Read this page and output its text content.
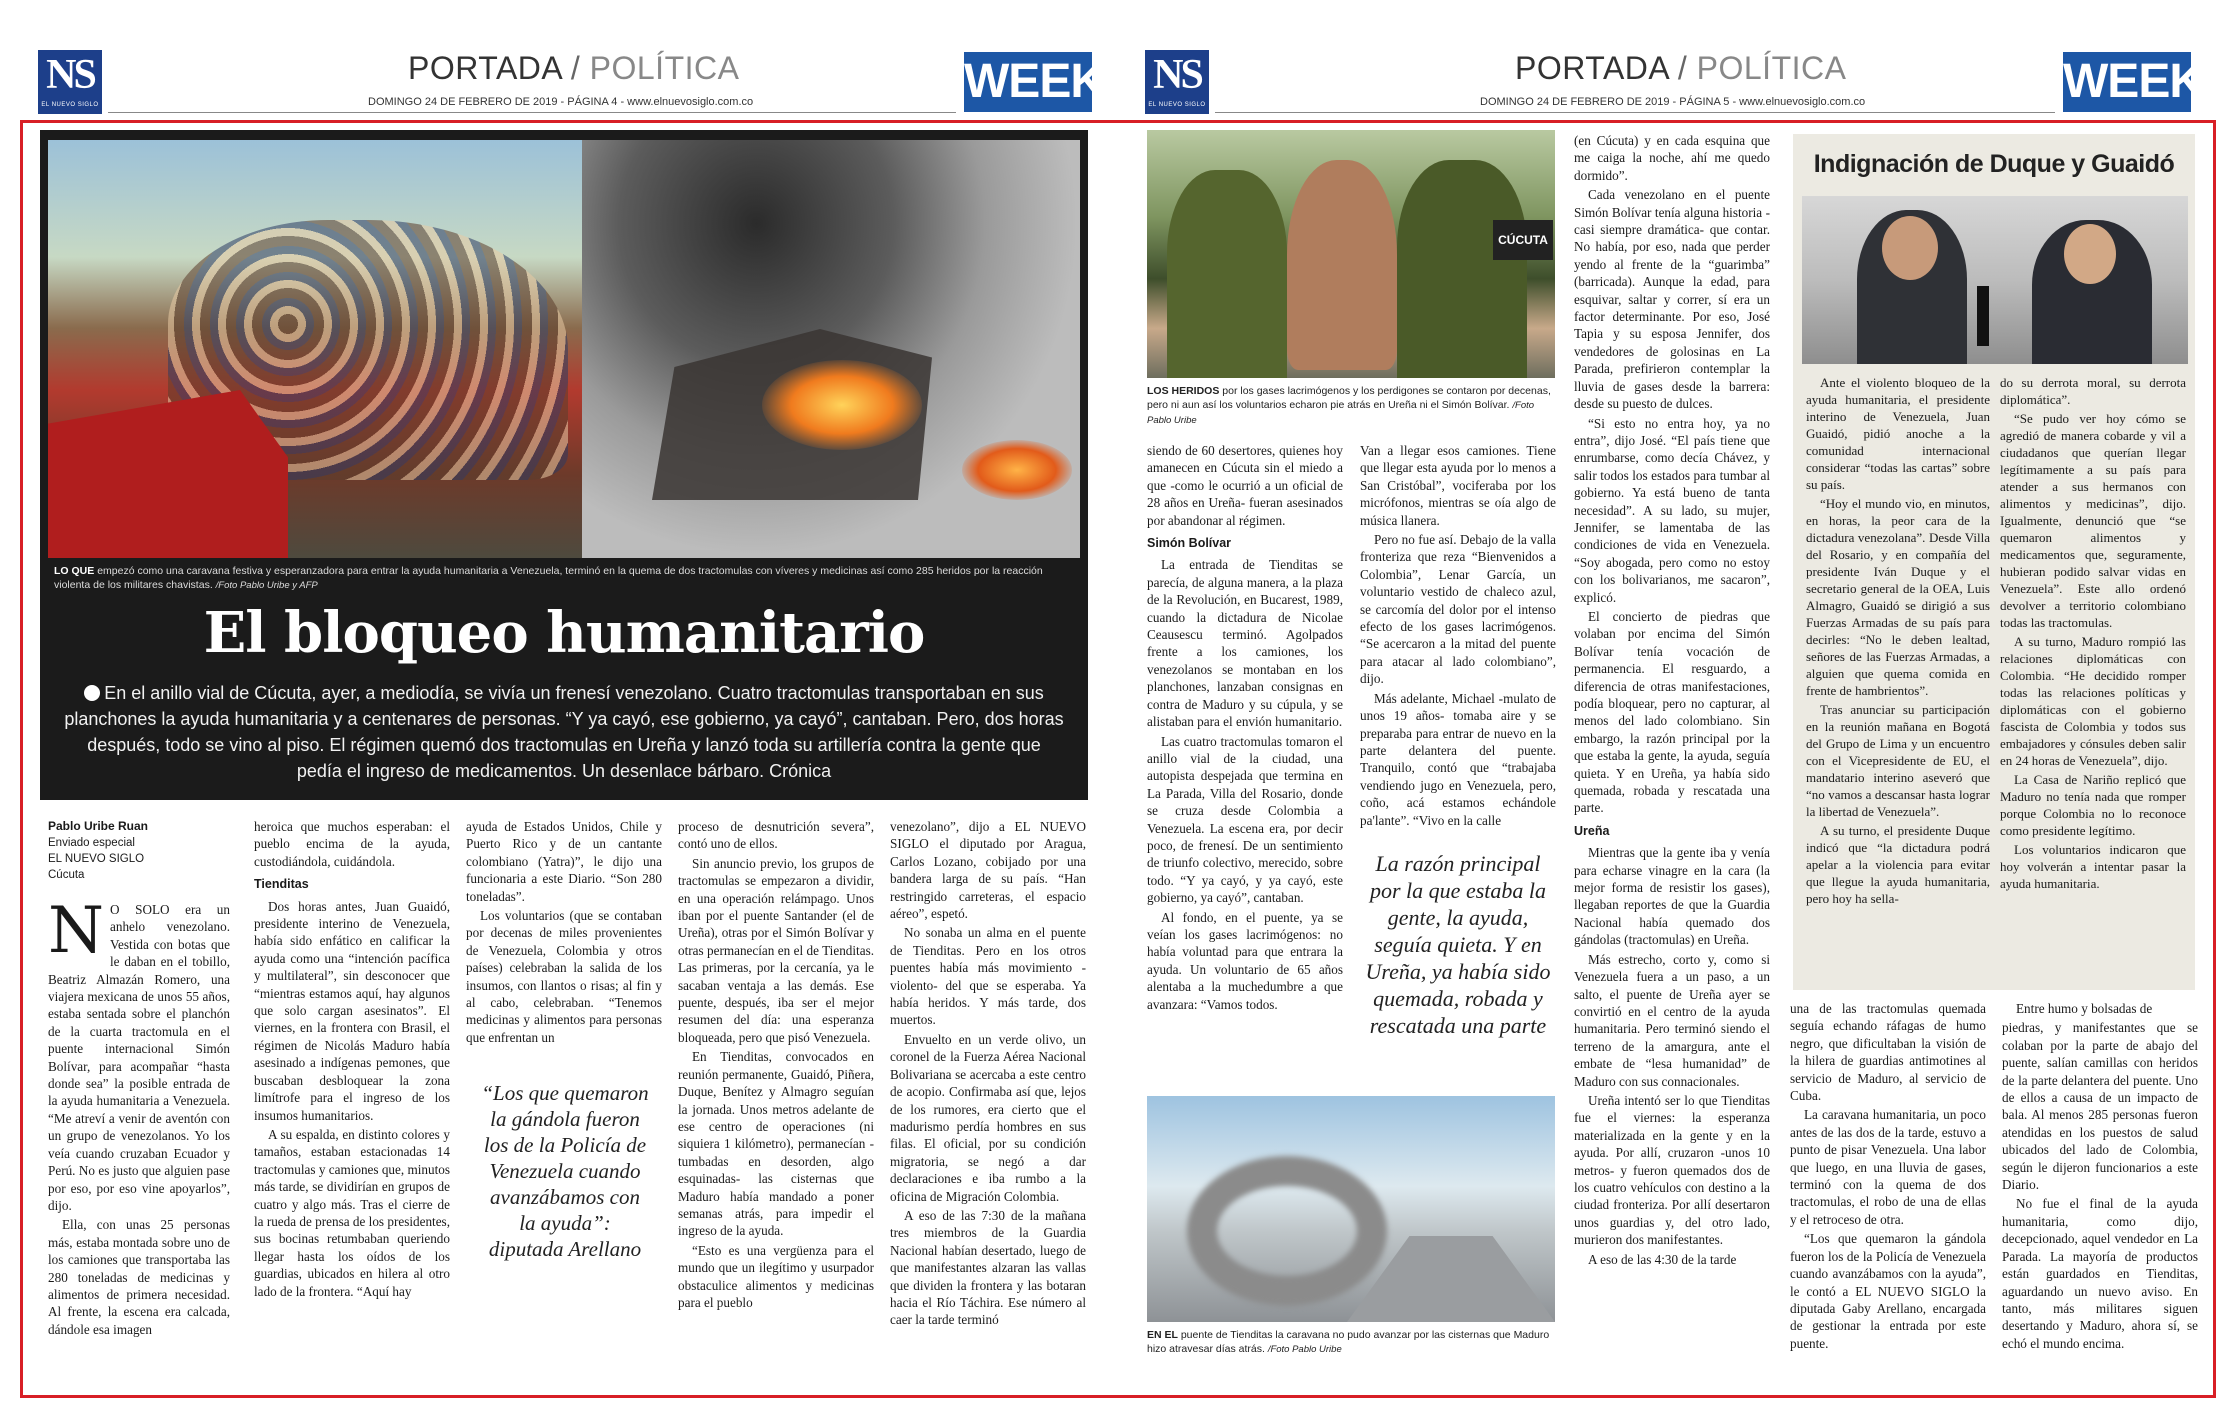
NS
EL NUEVO SIGLO
PORTADA / POLÍTICA
DOMINGO 24 DE FEBRERO DE 2019 - PÁGINA 4 - www.elnuevosiglo.com.co	WEEK NS
EL NUEVO SIGLO
PORTADA / POLÍTICA
DOMINGO 24 DE FEBRERO DE 2019 - PÁGINA 5 - www.elnuevosiglo.com.co	WEEK
LO QUE empezó como una caravana festiva y esperanzadora para entrar la ayuda humanitaria a Venezuela, terminó en la quema de dos tractomulas con víveres y medicinas así como 285 heridos por la reacción violenta de los militares chavistas. /Foto Pablo Uribe y AFP
El bloqueo humanitario
En el anillo vial de Cúcuta, ayer, a mediodía, se vivía un frenesí venezolano. Cuatro tractomulas transportaban en sus planchones la ayuda humanitaria y a centenares de personas. “Y ya cayó, ese gobierno, ya cayó”, cantaban. Pero, dos horas después, todo se vino al piso. El régimen quemó dos tractomulas en Ureña y lanzó toda su artillería contra la gente que pedía el ingreso de medicamentos. Un desenlace bárbaro. Crónica
Pablo Uribe Ruan
Enviado especial
EL NUEVO SIGLO
Cúcuta

N O SOLO era un anhelo venezolano. Vestida con botas que le daban en el tobillo, Beatriz Almazán Romero, una viajera mexicana de unos 55 años, estaba sentada sobre el planchón de la cuarta tractomula en el puente internacional Simón Bolívar, para acompañar “hasta donde sea” la posible entrada de la ayuda humanitaria a Venezuela. “Me atreví a venir de aventón con un grupo de venezolanos. Yo los veía cuando cruzaban Ecuador y Perú. No es justo que alguien pase por eso, por eso vine apoyarlos”, dijo.

Ella, con unas 25 personas más, estaba montada sobre uno de los camiones que transportaba las 280 toneladas de medicinas y alimentos de primera necesidad. Al frente, la escena era calcada, dándole esa imagen

heroica que muchos esperaban: el pueblo encima de la ayuda, custodiándola, cuidándola.

Tienditas

Dos horas antes, Juan Guaidó, presidente interino de Venezuela, había sido enfático en calificar la ayuda como una “intención pacífica y multilateral”, sin desconocer que “mientras estamos aquí, hay algunos que solo cargan asesinatos”. El viernes, en la frontera con Brasil, el régimen de Nicolás Maduro había asesinado a indígenas pemones, que buscaban desbloquear la zona limítrofe para el ingreso de los insumos humanitarios.

A su espalda, en distinto colores y tamaños, estaban estacionadas 14 tractomulas y camiones que, minutos más tarde, se dividirían en grupos de cuatro y algo más. Tras el cierre de la rueda de prensa de los presidentes, sus bocinas retumbaban queriendo llegar hasta los oídos de los guardias, ubicados en hilera al otro lado de la frontera. “Aquí hay

ayuda de Estados Unidos, Chile y Puerto Rico y de un cantante colombiano (Yatra)”, le dijo una funcionaria a este Diario. “Son 280 toneladas”.

Los voluntarios (que se contaban por decenas de miles provenientes de Venezuela, Colombia y otros países) celebraban la salida de los insumos, con llantos o risas; al fin y al cabo, celebraban. “Tenemos medicinas y alimentos para personas que enfrentan un

“Los que quemaron la gándola fueron los de la Policía de Venezuela cuando avanzábamos con la ayuda”: diputada Arellano

proceso de desnutrición severa”, contó uno de ellos.

Sin anuncio previo, los grupos de tractomulas se empezaron a dividir, en una operación relámpago. Unos iban por el puente Santander (el de Ureña), otras por el Simón Bolívar y otras permanecían en el de Tienditas. Las primeras, por la cercanía, ya le sacaban ventaja a las demás. Ese puente, después, iba ser el mejor resumen del día: una esperanza bloqueada, pero que pisó Venezuela.

En Tienditas, convocados en reunión permanente, Guaidó, Piñera, Duque, Benítez y Almagro seguían la jornada. Unos metros adelante de ese centro de operaciones (ni siquiera 1 kilómetro), permanecían -tumbadas en desorden, algo esquinadas- las cisternas que Maduro había mandado a poner semanas atrás, para impedir el ingreso de la ayuda.

“Esto es una vergüenza para el mundo que un ilegítimo y usurpador obstaculice alimentos y medicinas para el pueblo

venezolano”, dijo a EL NUEVO SIGLO el diputado por Aragua, Carlos Lozano, cobijado por una bandera larga de su país. “Han restringido carreteras, el espacio aéreo”, espetó.

No sonaba un alma en el puente de Tienditas. Pero en los otros puentes había más movimiento -violento- del que se esperaba. Ya había heridos. Y más tarde, dos muertos.

Envuelto en un verde olivo, un coronel de la Fuerza Aérea Nacional Bolivariana se acercaba a este centro de acopio. Confirmaba así que, lejos de los rumores, era cierto que el madurismo perdía hombres en sus filas. El oficial, por su condición migratoria, se negó a dar declaraciones e iba rumbo a la oficina de Migración Colombia.

A eso de las 7:30 de la mañana tres miembros de la Guardia Nacional habían desertado, luego de que manifestantes alzaran las vallas que dividen la frontera y las botaran hacia el Río Táchira. Ese número al caer la tarde terminó

CÚCUTA
LOS HERIDOS por los gases lacrimógenos y los perdigones se contaron por decenas, pero ni aun así los voluntarios echaron pie atrás en Ureña ni el Simón Bolívar. /Foto Pablo Uribe

siendo de 60 desertores, quienes hoy amanecen en Cúcuta sin el miedo a que -como le ocurrió a un oficial de 28 años en Ureña- fueran asesinados por abandonar al régimen.

Simón Bolívar

La entrada de Tienditas se parecía, de alguna manera, a la plaza de la Revolución, en Bucarest, 1989, cuando la dictadura de Nicolae Ceausescu terminó. Agolpados frente a los camiones, los venezolanos se montaban en los planchones, lanzaban consignas en contra de Maduro y su cúpula, y se alistaban para el envión humanitario.

Las cuatro tractomulas tomaron el anillo vial de la ciudad, una autopista despejada que termina en La Parada, Villa del Rosario, donde se cruza desde Colombia a Venezuela. La escena era, por decir poco, de frenesí. De un sentimiento de triunfo colectivo, merecido, sobre todo. “Y ya cayó, y ya cayó, este gobierno, ya cayó”, cantaban.

Al fondo, en el puente, ya se veían los gases lacrimógenos: no había voluntad para que entrara la ayuda. Un voluntario de 65 años alentaba a la muchedumbre a que avanzara: “Vamos todos.

Van a llegar esos camiones. Tiene que llegar esta ayuda por lo menos a San Cristóbal”, vociferaba por los micrófonos, mientras se oía algo de música llanera.

Pero no fue así. Debajo de la valla fronteriza que reza “Bienvenidos a Colombia”, Lenar García, un voluntario vestido de chaleco azul, se carcomía del dolor por el intenso efecto de los gases lacrimógenos. “Se acercaron a la mitad del puente para atacar al lado colombiano”, dijo.

Más adelante, Michael -mulato de unos 19 años- tomaba aire y se preparaba para entrar de nuevo en la parte delantera del puente. Tranquilo, contó que “trabajaba vendiendo jugo en Venezuela, pero, coño, acá estamos echándole pa'lante”. “Vivo en la calle

La razón principal por la que estaba la gente, la ayuda, seguía quieta. Y en Ureña, ya había sido quemada, robada y rescatada una parte
EN EL puente de Tienditas la caravana no pudo avanzar por las cisternas que Maduro hizo atravesar días atrás. /Foto Pablo Uribe

(en Cúcuta) y en cada esquina que me caiga la noche, ahí me quedo dormido”.

Cada venezolano en el puente Simón Bolívar tenía alguna historia -casi siempre dramática- que contar. No había, por eso, nada que perder yendo al frente de la “guarimba” (barricada). Aunque la edad, para esquivar, saltar y correr, sí era un factor determinante. Por eso, José Tapia y su esposa Jennifer, dos vendedores de golosinas en La Parada, prefirieron contemplar la lluvia de gases desde la barrera: desde su puesto de dulces.

“Si esto no entra hoy, ya no entra”, dijo José. “El país tiene que enrumbarse, como decía Chávez, y salir todos los estados para tumbar al gobierno. Ya está bueno de tanta necesidad”. A su lado, su mujer, Jennifer, se lamentaba de las condiciones de vida en Venezuela. “Soy abogada, pero como no estoy con los bolivarianos, me sacaron”, explicó.

El concierto de piedras que volaban por encima del Simón Bolívar tenía vocación de permanencia. El resguardo, a diferencia de otras manifestaciones, podía bloquear, pero no capturar, al menos del lado colombiano. Sin embargo, la razón principal por la que estaba la gente, la ayuda, seguía quieta. Y en Ureña, ya había sido quemada, robada y rescatada una parte.

Ureña

Mientras que la gente iba y venía para echarse vinagre en la cara (la mejor forma de resistir los gases), llegaban reportes de que la Guardia Nacional había quemado dos gándolas (tractomulas) en Ureña.

Más estrecho, corto y, como si Venezuela fuera a un paso, a un salto, el puente de Ureña ayer se convirtió en el centro de la ayuda humanitaria. Pero terminó siendo el terreno de la amargura, ante el embate de “lesa humanidad” de Maduro con sus connacionales.

Ureña intentó ser lo que Tienditas fue el viernes: la esperanza materializada en la gente y en la ayuda. Por allí, cruzaron -unos 10 metros- y fueron quemados dos de los cuatro vehículos con destino a la ciudad fronteriza. Por allí desertaron unos guardias y, del otro lado, murieron dos manifestantes.

A eso de las 4:30 de la tarde

Indignación de Duque y Guaidó

Ante el violento bloqueo de la ayuda humanitaria, el presidente interino de Venezuela, Juan Guaidó, pidió anoche a la comunidad internacional considerar “todas las cartas” sobre su país.

“Hoy el mundo vio, en minutos, en horas, la peor cara de la dictadura venezolana”. Desde Villa del Rosario, y en compañía del presidente Iván Duque y el secretario general de la OEA, Luis Almagro, Guaidó se dirigió a sus Fuerzas Armadas de su país para decirles: “No le deben lealtad, señores de las Fuerzas Armadas, a alguien que quema comida en frente de hambrientos”.

Tras anunciar su participación en la reunión mañana en Bogotá del Grupo de Lima y un encuentro con el Vicepresidente de EU, el mandatario interino aseveró que “no vamos a descansar hasta lograr la libertad de Venezuela”.

A su turno, el presidente Duque indicó que “la dictadura podrá apelar a la violencia para evitar que llegue la ayuda humanitaria, pero hoy ha sella-

do su derrota moral, su derrota diplomática”.

“Se pudo ver hoy cómo se agredió de manera cobarde y vil a ciudadanos que querían llegar legítimamente a su país para atender a sus hermanos con alimentos y medicinas”, dijo. Igualmente, denunció que “se quemaron alimentos y medicamentos que, seguramente, hubieran podido salvar vidas en Venezuela”. Este allo ordenó devolver a territorio colombiano todas las tractomulas.

A su turno, Maduro rompió las relaciones diplomáticas con Colombia. “He decidido romper todas las relaciones políticas y diplomáticas con el gobierno fascista de Colombia y todos sus embajadores y cónsules deben salir en 24 horas de Venezuela”, dijo.

La Casa de Nariño replicó que Maduro no tenía nada que romper porque Colombia no lo reconoce como presidente legítimo.

Los voluntarios indicaron que hoy volverán a intentar pasar la ayuda humanitaria.

una de las tractomulas quemada seguía echando ráfagas de humo negro, que dificultaban la visión de la hilera de guardias antimotines al servicio de Maduro, al servicio de Cuba.

La caravana humanitaria, un poco antes de las dos de la tarde, estuvo a punto de pisar Venezuela. Una labor que luego, en una lluvia de gases, terminó con la quema de dos tractomulas, el robo de una de ellas y el retroceso de otra.

“Los que quemaron la gándola fueron los de la Policía de Venezuela cuando avanzábamos con la ayuda”, le contó a EL NUEVO SIGLO la diputada Gaby Arellano, encargada de gestionar la entrada por este puente.

Entre humo y bolsadas de

piedras, y manifestantes que se colaban por la parte de abajo del puente, salían camillas con heridos de la parte delantera del puente. Uno de ellos a causa de un impacto de bala. Al menos 285 personas fueron atendidas en los puestos de salud ubicados del lado de Colombia, según le dijeron funcionarios a este Diario.

No fue el final de la ayuda humanitaria, como dijo, decepcionado, aquel vendedor en La Parada. La mayoría de productos están guardados en Tienditas, aguardando un nuevo aviso. En tanto, más militares siguen desertando y Maduro, ahora sí, se echó el mundo encima.
